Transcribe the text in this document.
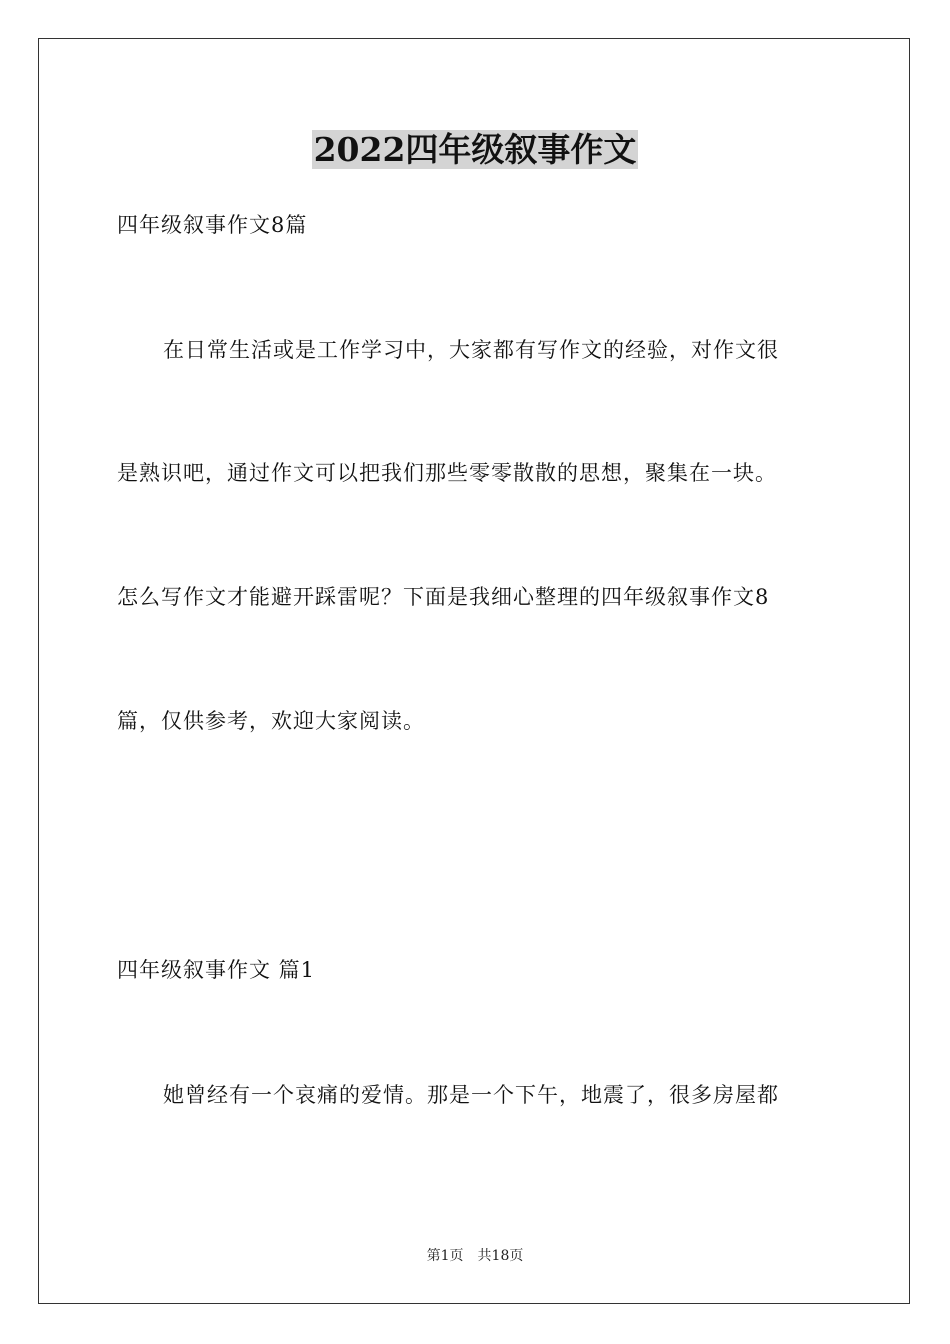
2022四年级叙事作文
四年级叙事作文8篇
在日常生活或是工作学习中，大家都有写作文的经验，对作文很
是熟识吧，通过作文可以把我们那些零零散散的思想，聚集在一块。
怎么写作文才能避开踩雷呢？下面是我细心整理的四年级叙事作文8
篇，仅供参考，欢迎大家阅读。
四年级叙事作文 篇1
她曾经有一个哀痛的爱情。那是一个下午，地震了，很多房屋都
第1页 共18页
